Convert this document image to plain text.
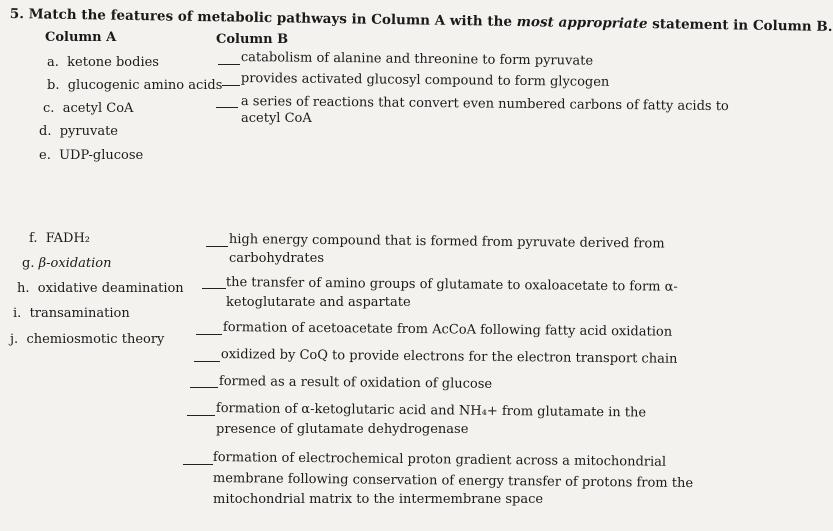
5. Match the features of metabolic pathways in Column A with the most appropriate statement in Column B.
Column A	Column B
a. ketone bodies
b. glucogenic amino acids
c. acetyl CoA
d. pyruvate
e. UDP-glucose
catabolism of alanine and threonine to form pyruvate
provides activated glucosyl compound to form glycogen
a series of reactions that convert even numbered carbons of fatty acids to
acetyl CoA
f. FADH₂
g. β-oxidation
h. oxidative deamination
i. transamination
j. chemiosmotic theory
high energy compound that is formed from pyruvate derived from
carbohydrates
the transfer of amino groups of glutamate to oxaloacetate to form α-
ketoglutarate and aspartate
formation of acetoacetate from AcCoA following fatty acid oxidation
oxidized by CoQ to provide electrons for the electron transport chain
formed as a result of oxidation of glucose
formation of α-ketoglutaric acid and NH₄+ from glutamate in the
presence of glutamate dehydrogenase
formation of electrochemical proton gradient across a mitochondrial
membrane following conservation of energy transfer of protons from the
mitochondrial matrix to the intermembrane space
